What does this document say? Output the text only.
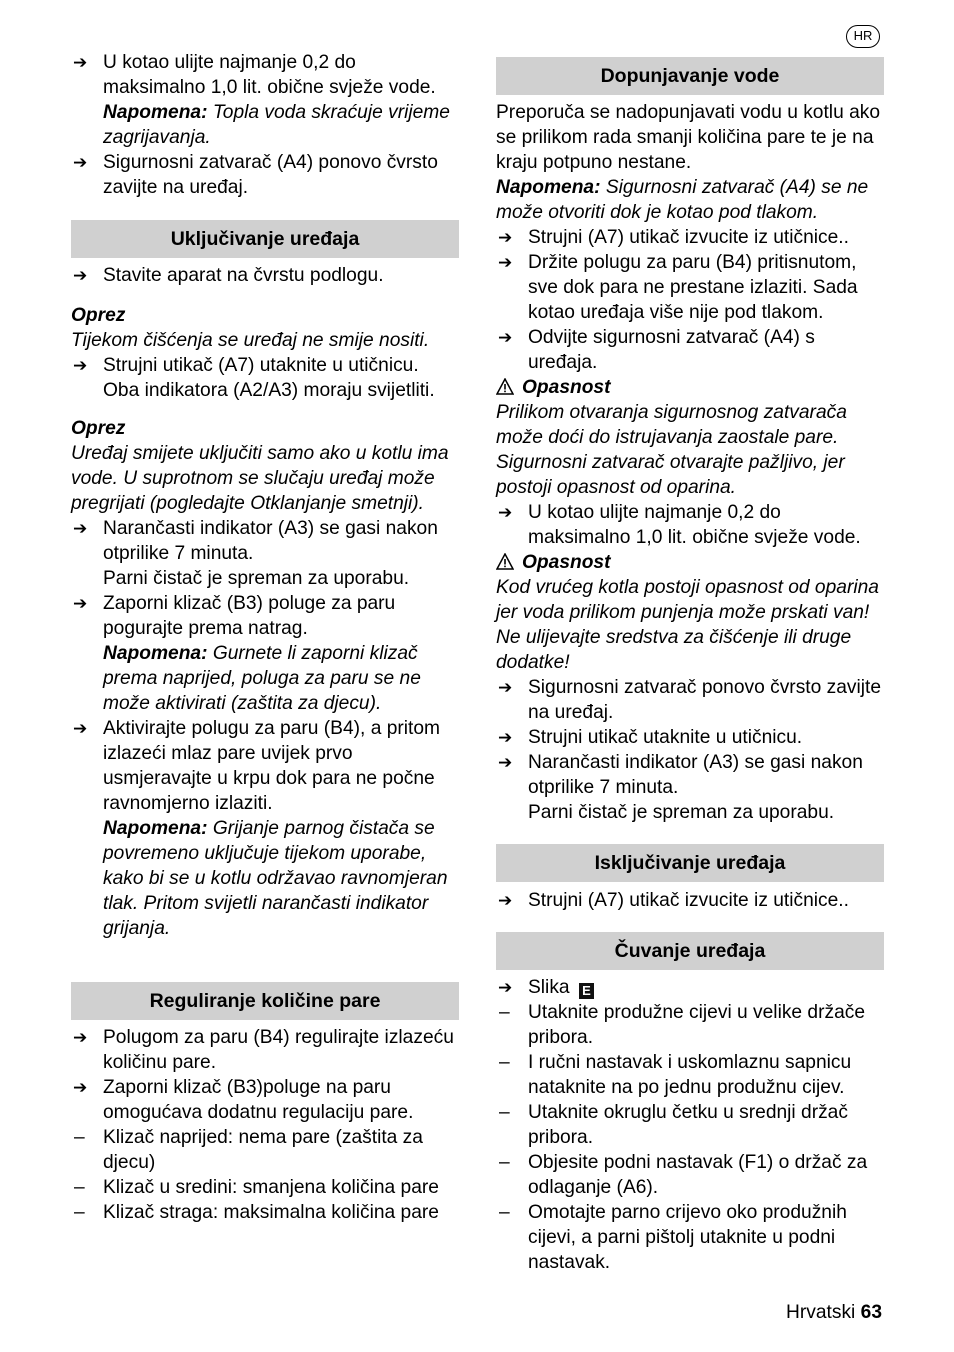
HR
➔ U kotao ulijte najmanje 0,2 do maksimalno 1,0 lit. obične svježe vode.
Napomena: Topla voda skraćuje vrijeme zagrijavanja.
➔ Sigurnosni zatvarač (A4) ponovo čvrsto zavijte na uređaj.
Uključivanje uređaja
➔ Stavite aparat na čvrstu podlogu.
Oprez
Tijekom čišćenja se uređaj ne smije nositi.
➔ Strujni utikač (A7) utaknite u utičnicu. Oba indikatora (A2/A3) moraju svijetliti.
Oprez
Uređaj smijete uključiti samo ako u kotlu ima vode. U suprotnom se slučaju uređaj može pregrijati (pogledajte Otklanjanje smetnji).
➔ Narančasti indikator (A3) se gasi nakon otprilike 7 minuta.
Parni čistač je spreman za uporabu.
➔ Zaporni klizač (B3) poluge za paru pogurajte prema natrag.
Napomena: Gurnete li zaporni klizač prema naprijed, poluga za paru se ne može aktivirati (zaštita za djecu).
➔ Aktivirajte polugu za paru (B4), a pritom izlazeći mlaz pare uvijek prvo usmjeravajte u krpu dok para ne počne ravnomjerno izlaziti.
Napomena: Grijanje parnog čistača se povremeno uključuje tijekom uporabe, kako bi se u kotlu održavao ravnomjeran tlak. Pritom svijetli narančasti indikator grijanja.
Reguliranje količine pare
➔ Polugom za paru (B4) regulirajte izlazeću količinu pare.
➔ Zaporni klizač (B3)poluge na paru omogućava dodatnu regulaciju pare.
– Klizač naprijed: nema pare (zaštita za djecu)
– Klizač u sredini: smanjena količina pare
– Klizač straga: maksimalna količina pare
Dopunjavanje vode
Preporuča se nadopunjavati vodu u kotlu ako se prilikom rada smanji količina pare te je na kraju potpuno nestane.
Napomena: Sigurnosni zatvarač (A4) se ne može otvoriti dok je kotao pod tlakom.
➔ Strujni (A7) utikač izvucite iz utičnice..
➔ Držite polugu za paru (B4) pritisnutom, sve dok para ne prestane izlaziti. Sada kotao uređaja više nije pod tlakom.
➔ Odvijte sigurnosni zatvarač (A4) s uređaja.
Opasnost
Prilikom otvaranja sigurnosnog zatvarača može doći do istrujavanja zaostale pare. Sigurnosni zatvarač otvarajte pažljivo, jer postoji opasnost od oparina.
➔ U kotao ulijte najmanje 0,2 do maksimalno 1,0 lit. obične svježe vode.
Opasnost
Kod vrućeg kotla postoji opasnost od oparina jer voda prilikom punjenja može prskati van! Ne ulijevajte sredstva za čišćenje ili druge dodatke!
➔ Sigurnosni zatvarač ponovo čvrsto zavijte na uređaj.
➔ Strujni utikač utaknite u utičnicu.
➔ Narančasti indikator (A3) se gasi nakon otprilike 7 minuta.
Parni čistač je spreman za uporabu.
Isključivanje uređaja
➔ Strujni (A7) utikač izvucite iz utičnice..
Čuvanje uređaja
➔ Slika E
– Utaknite produžne cijevi u velike držače pribora.
– I ručni nastavak i uskomlaznu sapnicu nataknite na po jednu produžnu cijev.
– Utaknite okruglu četku u srednji držač pribora.
– Objesite podni nastavak (F1) o držač za odlaganje (A6).
– Omotajte parno crijevo oko produžnih cijevi, a parni pištolj utaknite u podni nastavak.
Hrvatski 63
